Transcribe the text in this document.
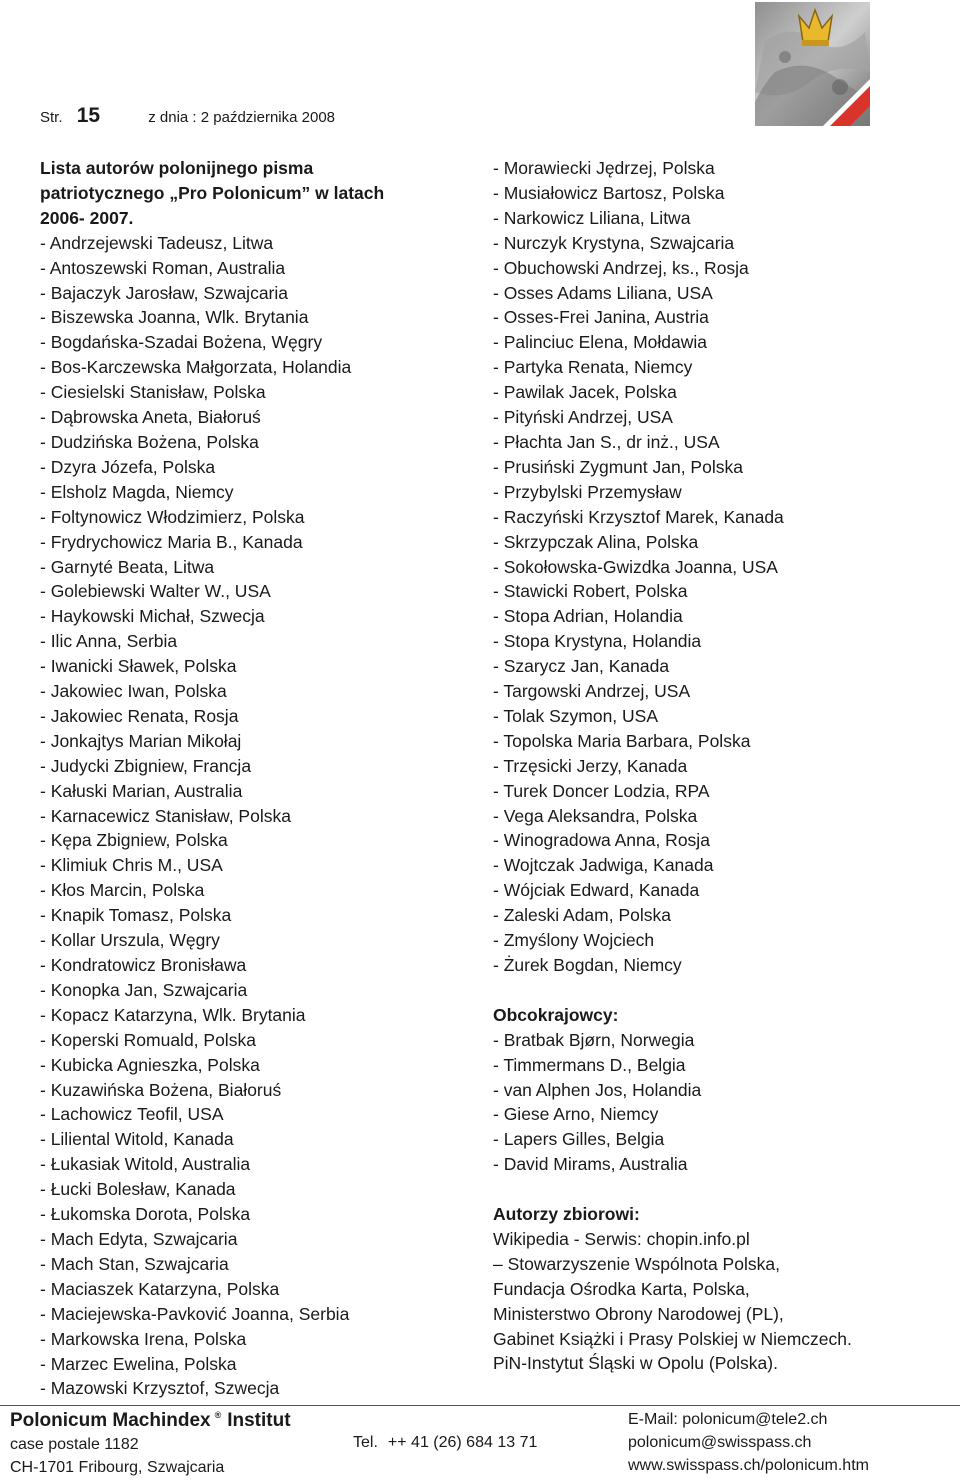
Str. 15	z dnia : 2 października 2008
Lista autorów polonijnego pisma
patriotycznego „Pro Polonicum” w latach
2006- 2007.
- Andrzejewski Tadeusz, Litwa
- Antoszewski Roman, Australia
- Bajaczyk Jarosław, Szwajcaria
- Biszewska Joanna, Wlk. Brytania
- Bogdańska-Szadai Bożena, Węgry
- Bos-Karczewska Małgorzata, Holandia
- Ciesielski Stanisław, Polska
- Dąbrowska Aneta, Białoruś
- Dudzińska Bożena, Polska
- Dzyra Józefa, Polska
- Elsholz Magda, Niemcy
- Foltynowicz Włodzimierz, Polska
- Frydrychowicz Maria B., Kanada
- Garnyté Beata, Litwa
- Golebiewski Walter W., USA
- Haykowski Michał, Szwecja
- Ilic Anna, Serbia
- Iwanicki Sławek, Polska
- Jakowiec Iwan, Polska
- Jakowiec Renata, Rosja
- Jonkajtys Marian Mikołaj
- Judycki Zbigniew, Francja
- Kałuski Marian, Australia
- Karnacewicz Stanisław, Polska
- Kępa Zbigniew, Polska
- Klimiuk Chris M., USA
- Kłos Marcin, Polska
- Knapik Tomasz, Polska
- Kollar Urszula, Węgry
- Kondratowicz Bronisława
- Konopka Jan, Szwajcaria
- Kopacz Katarzyna, Wlk. Brytania
- Koperski Romuald, Polska
- Kubicka Agnieszka, Polska
- Kuzawińska Bożena, Białoruś
- Lachowicz Teofil, USA
- Liliental Witold, Kanada
- Łukasiak Witold, Australia
- Łucki Bolesław, Kanada
- Łukomska Dorota, Polska
- Mach Edyta, Szwajcaria
- Mach Stan, Szwajcaria
- Maciaszek Katarzyna, Polska
- Maciejewska-Pavković Joanna, Serbia
- Markowska Irena, Polska
- Marzec Ewelina, Polska
- Mazowski Krzysztof, Szwecja
- Morawiecki Jędrzej, Polska
- Musiałowicz Bartosz, Polska
- Narkowicz Liliana, Litwa
- Nurczyk Krystyna, Szwajcaria
- Obuchowski Andrzej, ks., Rosja
- Osses Adams Liliana, USA
- Osses-Frei Janina, Austria
- Palinciuc Elena, Mołdawia
- Partyka Renata, Niemcy
- Pawilak Jacek, Polska
- Pityński Andrzej, USA
- Płachta Jan S., dr inż., USA
- Prusiński Zygmunt Jan, Polska
- Przybylski Przemysław
- Raczyński Krzysztof Marek, Kanada
- Skrzypczak Alina, Polska
- Sokołowska-Gwizdka Joanna, USA
- Stawicki Robert, Polska
- Stopa Adrian, Holandia
- Stopa Krystyna, Holandia
- Szarycz Jan, Kanada
- Targowski Andrzej, USA
- Tolak Szymon, USA
- Topolska Maria Barbara, Polska
- Trzęsicki Jerzy, Kanada
- Turek Doncer Lodzia, RPA
- Vega Aleksandra, Polska
- Winogradowa Anna, Rosja
- Wojtczak Jadwiga, Kanada
- Wójciak Edward, Kanada
- Zaleski Adam, Polska
- Zmyślony Wojciech
- Żurek Bogdan, Niemcy
Obcokrajowcy:
- Bratbak Bjørn, Norwegia
- Timmermans D., Belgia
- van Alphen Jos, Holandia
- Giese Arno, Niemcy
- Lapers Gilles, Belgia
- David Mirams, Australia
Autorzy zbiorowi:
Wikipedia - Serwis: chopin.info.pl
– Stowarzyszenie Wspólnota Polska,
Fundacja Ośrodka Karta, Polska,
Ministerstwo Obrony Narodowej (PL),
Gabinet Książki i Prasy Polskiej w Niemczech.
PiN-Instytut Śląski w Opolu (Polska).
Polonicum Machindex ® Institut
case postale 1182
CH-1701 Fribourg, Szwajcaria
Tel. ++ 41 (26) 684 13 71
E-Mail: polonicum@tele2.ch
polonicum@swisspass.ch
www.swisspass.ch/polonicum.htm
